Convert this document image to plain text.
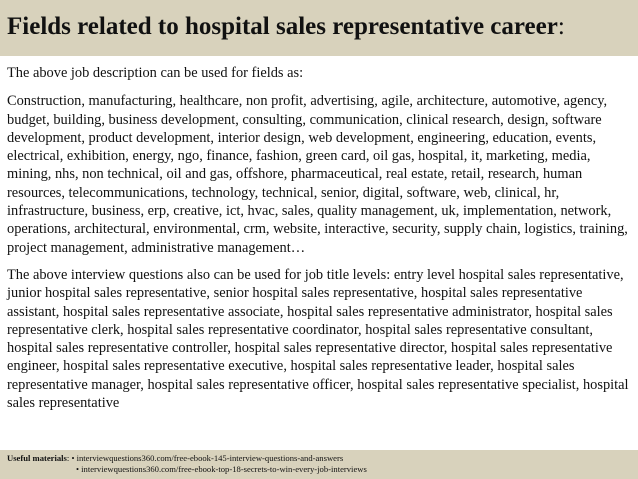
Fields related to hospital sales representative career:

The above job description can be used for fields as:

Construction, manufacturing, healthcare, non profit, advertising, agile, architecture, automotive, agency, budget, building, business development, consulting, communication, clinical research, design, software development, product development, interior design, web development, engineering, education, events, electrical, exhibition, energy, ngo, finance, fashion, green card, oil gas, hospital, it, marketing, media, mining, nhs, non technical, oil and gas, offshore, pharmaceutical, real estate, retail, research, human resources, telecommunications, technology, technical, senior, digital, software, web, clinical, hr, infrastructure, business, erp, creative, ict, hvac, sales, quality management, uk, implementation, network, operations, architectural, environmental, crm, website, interactive, security, supply chain, logistics, training, project management, administrative management…

The above interview questions also can be used for job title levels: entry level hospital sales representative, junior hospital sales representative, senior hospital sales representative, hospital sales representative assistant, hospital sales representative associate, hospital sales representative administrator, hospital sales representative clerk, hospital sales representative coordinator, hospital sales representative consultant, hospital sales representative controller, hospital sales representative director, hospital sales representative engineer, hospital sales representative executive, hospital sales representative leader, hospital sales representative manager, hospital sales representative officer, hospital sales representative specialist, hospital sales representative

Useful materials: • interviewquestions360.com/free-ebook-145-interview-questions-and-answers
• interviewquestions360.com/free-ebook-top-18-secrets-to-win-every-job-interviews
